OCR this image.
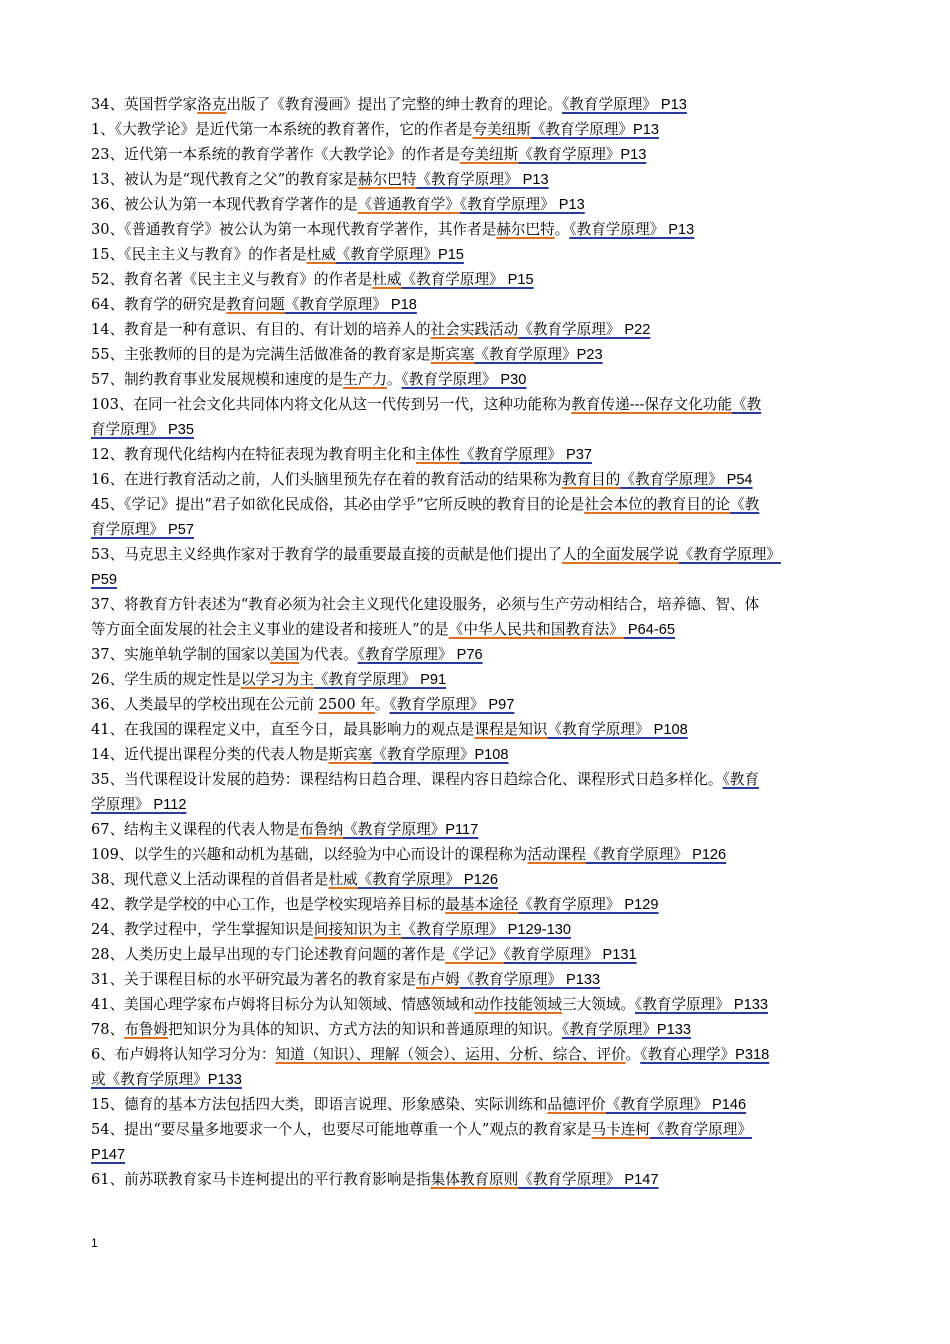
34、英国哲学家洛克出版了《教育漫画》提出了完整的绅士教育的理论。《教育学原理》 P13
1、《大教学论》是近代第一本系统的教育著作，它的作者是夸美纽斯《教育学原理》P13
23、近代第一本系统的教育学著作《大教学论》的作者是夸美纽斯《教育学原理》P13
13、被认为是“现代教育之父”的教育家是赫尔巴特《教育学原理》 P13
36、被公认为第一本现代教育学著作的是《普通教育学》《教育学原理》 P13
30、《普通教育学》被公认为第一本现代教育学著作，其作者是赫尔巴特。《教育学原理》 P13
15、《民主主义与教育》的作者是杜威《教育学原理》P15
52、教育名著《民主主义与教育》的作者是杜威《教育学原理》 P15
64、教育学的研究是教育问题《教育学原理》 P18
14、教育是一种有意识、有目的、有计划的培养人的社会实践活动《教育学原理》 P22
55、主张教师的目的是为完满生活做准备的教育家是斯宾塞《教育学原理》P23
57、制约教育事业发展规模和速度的是生产力。《教育学原理》 P30
103、在同一社会文化共同体内将文化从这一代传到另一代，这种功能称为教育传递---保存文化功能《教
育学原理》 P35
12、教育现代化结构内在特征表现为教育明主化和主体性《教育学原理》 P37
16、在进行教育活动之前，人们头脑里预先存在着的教育活动的结果称为教育目的《教育学原理》 P54
45、《学记》提出“君子如欲化民成俗，其必由学乎”它所反映的教育目的论是社会本位的教育目的论《教
育学原理》 P57
53、马克思主义经典作家对于教育学的最重要最直接的贡献是他们提出了人的全面发展学说《教育学原理》
P59
37、将教育方针表述为“教育必须为社会主义现代化建设服务，必须与生产劳动相结合，培养德、智、体
等方面全面发展的社会主义事业的建设者和接班人”的是《中华人民共和国教育法》 P64-65
37、实施单轨学制的国家以美国为代表。《教育学原理》 P76
26、学生质的规定性是以学习为主《教育学原理》 P91
36、人类最早的学校出现在公元前 2500 年。《教育学原理》 P97
41、在我国的课程定义中，直至今日，最具影响力的观点是课程是知识《教育学原理》 P108
14、近代提出课程分类的代表人物是斯宾塞《教育学原理》P108
35、当代课程设计发展的趋势：课程结构日趋合理、课程内容日趋综合化、课程形式日趋多样化。《教育
学原理》 P112
67、结构主义课程的代表人物是布鲁纳《教育学原理》P117
109、以学生的兴趣和动机为基础，以经验为中心而设计的课程称为活动课程《教育学原理》 P126
38、现代意义上活动课程的首倡者是杜威《教育学原理》 P126
42、教学是学校的中心工作，也是学校实现培养目标的最基本途径《教育学原理》 P129
24、教学过程中，学生掌握知识是间接知识为主《教育学原理》 P129-130
28、人类历史上最早出现的专门论述教育问题的著作是《学记》《教育学原理》 P131
31、关于课程目标的水平研究最为著名的教育家是布卢姆《教育学原理》 P133
41、美国心理学家布卢姆将目标分为认知领域、情感领域和动作技能领域三大领域。《教育学原理》 P133
78、布鲁姆把知识分为具体的知识、方式方法的知识和普通原理的知识。《教育学原理》P133
6、布卢姆将认知学习分为：知道（知识）、理解（领会）、运用、分析、综合、评价。《教育心理学》P318
或《教育学原理》P133
15、德育的基本方法包括四大类，即语言说理、形象感染、实际训练和品德评价《教育学原理》 P146
54、提出“要尽量多地要求一个人，也要尽可能地尊重一个人”观点的教育家是马卡连柯《教育学原理》
P147
61、前苏联教育家马卡连柯提出的平行教育影响是指集体教育原则《教育学原理》 P147
1
